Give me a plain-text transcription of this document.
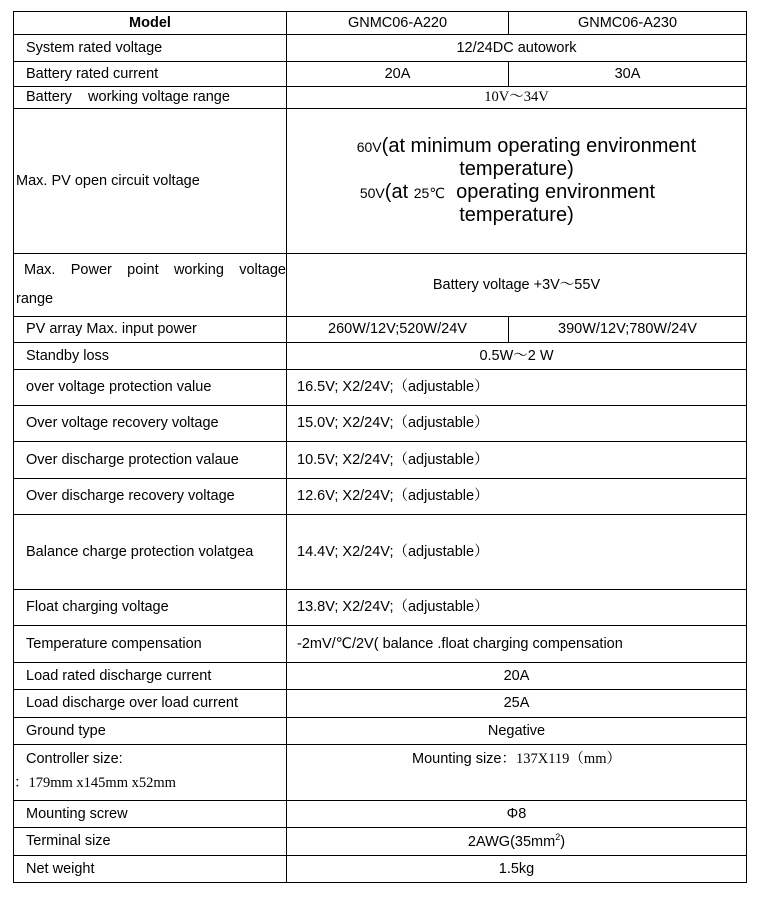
Model	GNMC06-A220	GNMC06-A230
System rated voltage	12/24DC autowork	
Battery rated current	20A	30A
Battery    working voltage range	10V～34V	
Max. PV open circuit voltage	60V(at minimum operating environment
temperature)
50V(at 25℃  operating environment
temperature)	

Max. Power point working voltage
range	Battery voltage +3V～55V	
PV array Max. input power	260W/12V;520W/24V	390W/12V;780W/24V
Standby loss	0.5W～2 W	
over voltage protection value	16.5V; X2/24V;（adjustable）	
Over voltage recovery voltage	15.0V; X2/24V;（adjustable）	
Over discharge protection valaue	10.5V; X2/24V;（adjustable）	
Over discharge recovery voltage	12.6V; X2/24V;（adjustable）	
Balance charge protection volatgea	14.4V; X2/24V;（adjustable）	
Float charging voltage	13.8V; X2/24V;（adjustable）	
Temperature compensation	-2mV/℃/2V( balance .float charging compensation	
Load rated discharge current	20A	
Load discharge over load current	25A	
Ground type	Negative	

Controller size:
：179mm x145mm x52mm	Mounting size：137X119（mm）	
Mounting screw	Φ8	
Terminal size	$2AWG(35mm^2)$	
Net weight	1.5kg	
